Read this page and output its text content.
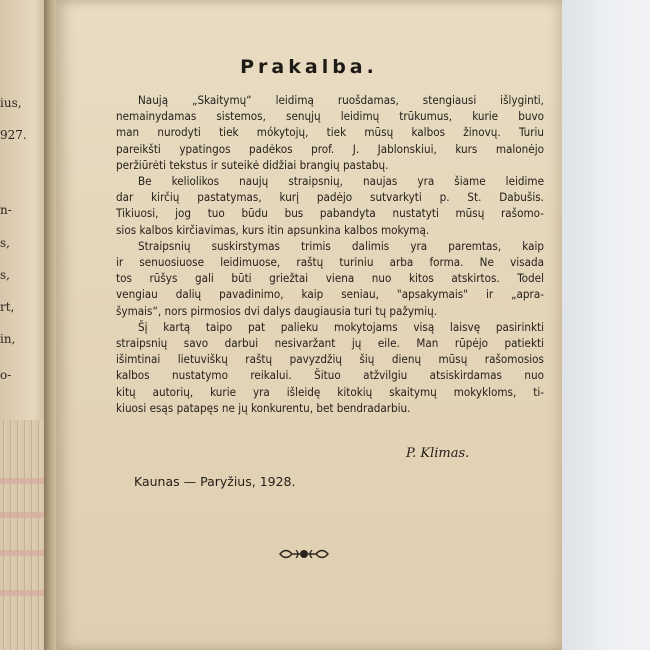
ius,
927.
n-
s,
s,
rt,
in,
o-
Prakalba.
Naują „Skaitymų“ leidimą ruošdamas, stengiausi išlyginti,
nemainydamas sistemos, senųjų leidimų trūkumus, kurie buvo
man nurodyti tiek mókytojų, tiek mūsų kalbos žinovų. Turiu
pareikšti ypatingos padėkos prof. J. Jablonskiui, kurs malonėjo
peržiūrėti tekstus ir suteikė didžiai brangių pastabų.
Be keliolikos naujų straipsnių, naujas yra šiame leidime
dar kirčių pastatymas, kurį padėjo sutvarkyti p. St. Dabušis.
Tikiuosi, jog tuo būdu bus pabandyta nustatyti mūsų rašomo-
sios kalbos kirčiavimas, kurs itin apsunkina kalbos mokymą.
Straipsnių suskirstymas trimis dalimis yra paremtas, kaip
ir senuosiuose leidimuose, raštų turiniu arba forma. Ne visada
tos rūšys gali būti griežtai viena nuo kitos atskirtos. Todel
vengiau dalių pavadinimo, kaip seniau, "apsakymais" ir „apra-
šymais“, nors pirmosios dvi dalys daugiausia turi tų pažymių.
Šį kartą taipo pat palieku mokytojams visą laisvę pasirinkti
straipsnių savo darbui nesivaržant jų eile. Man rūpėjo patiekti
išimtinai lietuviškų raštų pavyzdžių šių dienų mūsų rašomosios
kalbos nustatymo reikalui. Šituo atžvilgiu atsiskirdamas nuo
kitų autorių, kurie yra išleidę kitokių skaitymų mokykloms, ti-
kiuosi esąs patapęs ne jų konkurentu, bet bendradarbiu.
P. Klimas.
Kaunas — Paryžius, 1928.
